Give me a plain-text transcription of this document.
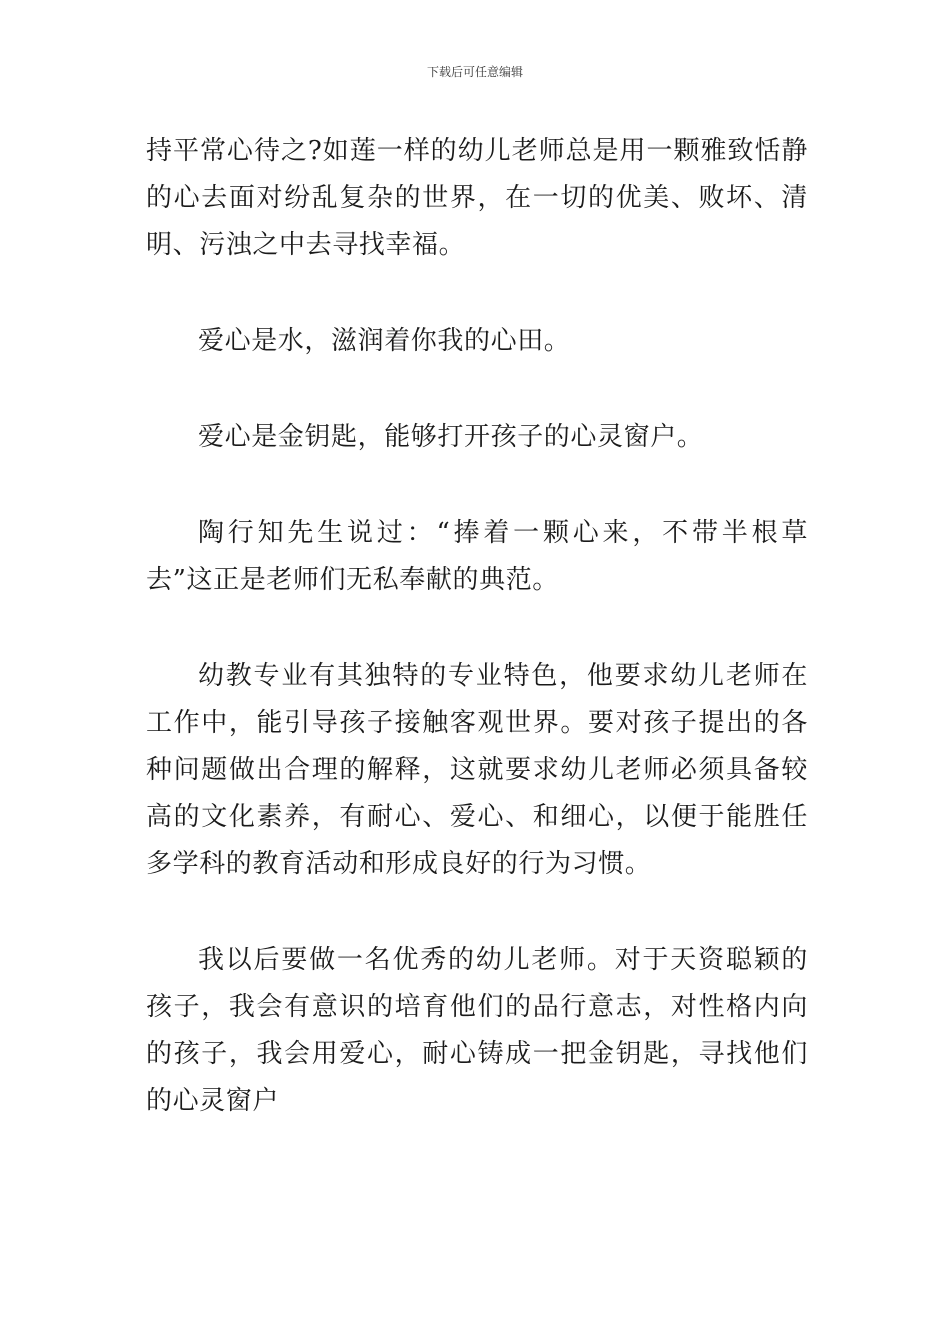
下载后可任意编辑

持平常心待之?如莲一样的幼儿老师总是用一颗雅致恬静的心去面对纷乱复杂的世界，在一切的优美、败坏、清明、污浊之中去寻找幸福。

爱心是水，滋润着你我的心田。

爱心是金钥匙，能够打开孩子的心灵窗户。

陶行知先生说过：“捧着一颗心来，不带半根草去”这正是老师们无私奉献的典范。

幼教专业有其独特的专业特色，他要求幼儿老师在工作中，能引导孩子接触客观世界。要对孩子提出的各种问题做出合理的解释，这就要求幼儿老师必须具备较高的文化素养，有耐心、爱心、和细心，以便于能胜任多学科的教育活动和形成良好的行为习惯。

我以后要做一名优秀的幼儿老师。对于天资聪颖的孩子，我会有意识的培育他们的品行意志，对性格内向的孩子，我会用爱心，耐心铸成一把金钥匙，寻找他们的心灵窗户
